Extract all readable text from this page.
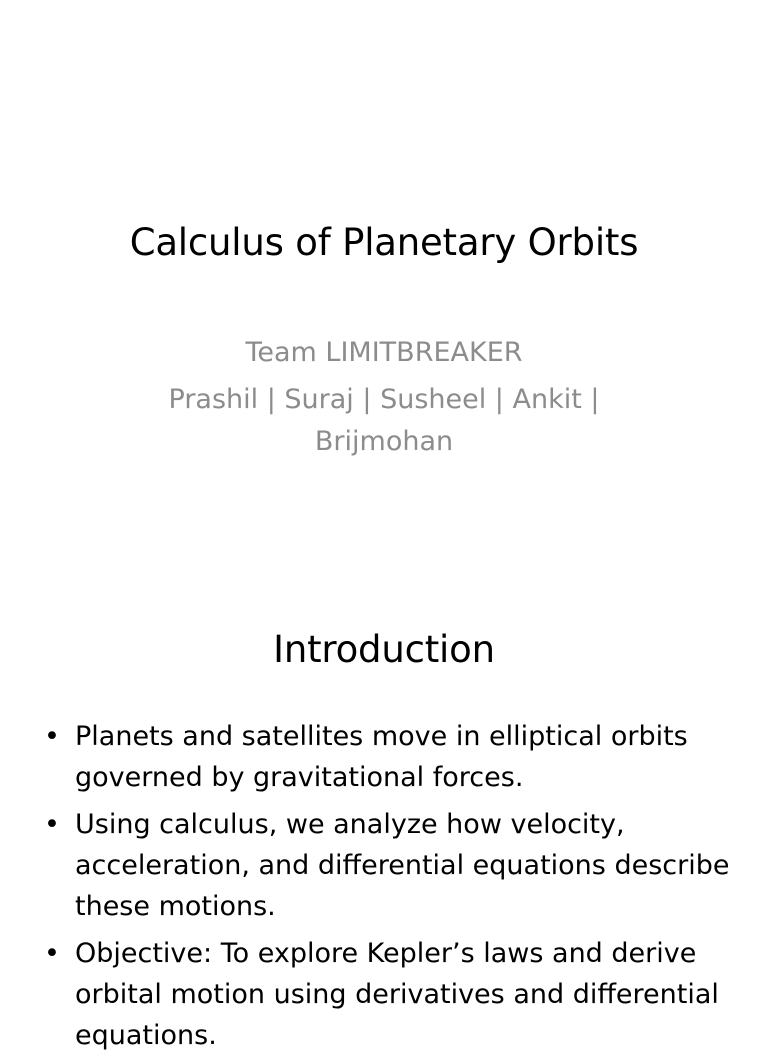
Calculus of Planetary Orbits
Team LIMITBREAKER
Prashil | Suraj | Susheel | Ankit | Brijmohan
Introduction
• Planets and satellites move in elliptical orbits governed by gravitational forces.
• Using calculus, we analyze how velocity, acceleration, and differential equations describe these motions.
• Objective: To explore Kepler’s laws and derive orbital motion using derivatives and differential equations.
